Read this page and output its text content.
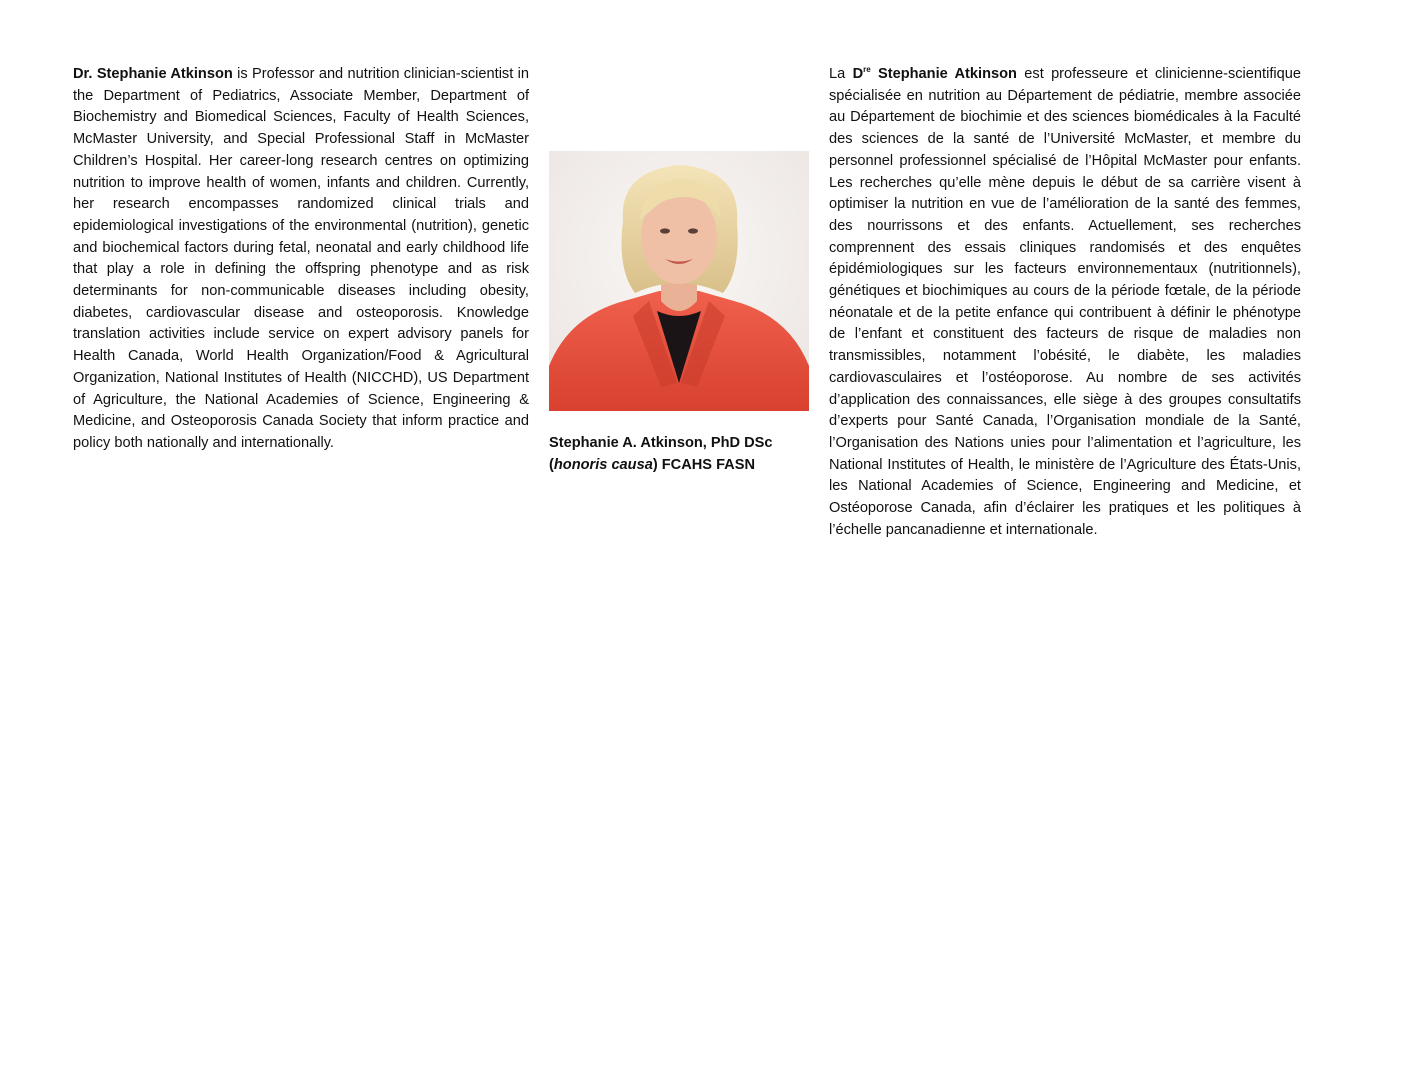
Dr. Stephanie Atkinson is Professor and nutrition clinician-scientist in the Department of Pediatrics, Associate Member, Department of Biochemistry and Biomedical Sciences, Faculty of Health Sciences, McMaster University, and Special Professional Staff in McMaster Children’s Hospital. Her career-long research centres on optimizing nutrition to improve health of women, infants and children. Currently, her research encompasses randomized clinical trials and epidemiological investigations of the environmental (nutrition), genetic and biochemical factors during fetal, neonatal and early childhood life that play a role in defining the offspring phenotype and as risk determinants for non-communicable diseases including obesity, diabetes, cardiovascular disease and osteoporosis. Knowledge translation activities include service on expert advisory panels for Health Canada, World Health Organization/Food & Agricultural Organization, National Institutes of Health (NICCHD), US Department of Agriculture, the National Academies of Science, Engineering & Medicine, and Osteoporosis Canada Society that inform practice and policy both nationally and internationally.	Stephanie A. Atkinson, PhD DSc
(honoris causa) FCAHS FASN

La Dre Stephanie Atkinson est professeure et clinicienne-scientifique spécialisée en nutrition au Département de pédiatrie, membre associée au Département de biochimie et des sciences biomédicales à la Faculté des sciences de la santé de l’Université McMaster, et membre du personnel professionnel spécialisé de l’Hôpital McMaster pour enfants. Les recherches qu’elle mène depuis le début de sa carrière visent à optimiser la nutrition en vue de l’amélioration de la santé des femmes, des nourrissons et des enfants. Actuellement, ses recherches comprennent des essais cliniques randomisés et des enquêtes épidémiologiques sur les facteurs environnementaux (nutritionnels), génétiques et biochimiques au cours de la période fœtale, de la période néonatale et de la petite enfance qui contribuent à définir le phénotype de l’enfant et constituent des facteurs de risque de maladies non transmissibles, notamment l’obésité, le diabète, les maladies cardiovasculaires et l’ostéoporose. Au nombre de ses activités d’application des connaissances, elle siège à des groupes consultatifs d’experts pour Santé Canada, l’Organisation mondiale de la Santé, l’Organisation des Nations unies pour l’alimentation et l’agriculture, les National Institutes of Health, le ministère de l’Agriculture des États-Unis, les National Academies of Science, Engineering and Medicine, et Ostéoporose Canada, afin d’éclairer les pratiques et les politiques à l’échelle pancanadienne et internationale.
